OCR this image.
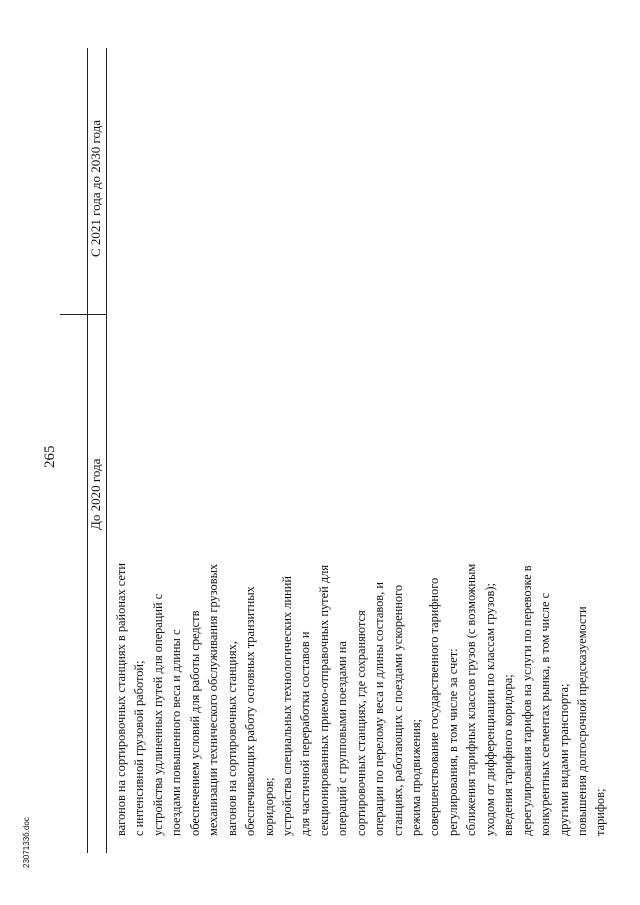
265
До 2020 года
С 2021 года до 2030 года
вагонов на сортировочных станциях в районах сети с интенсивной грузовой работой; устройства удлиненных путей для операций с поездами повышенного веса и длины с обеспечением условий для работы средств механизации технического обслуживания грузовых вагонов на сортировочных станциях, обеспечивающих работу основных транзитных коридоров; устройства специальных технологических линий для частичной переработки составов и секционированных приемо-отправочных путей для операций с групповыми поездами на сортировочных станциях, где сохраняются операции по перелому веса и длины составов, и станциях, работающих с поездами ускоренного режима продвижения; совершенствование государственного тарифного регулирования, в том числе за счет: сближения тарифных классов грузов (с возможным уходом от дифференциации по классам грузов); введения тарифного коридора; дерегулирования тарифов на услуги по перевозке в конкурентных сегментах рынка, в том числе с другими видами транспорта; повышения долгосрочной предсказуемости тарифов;
2307133б.doc
